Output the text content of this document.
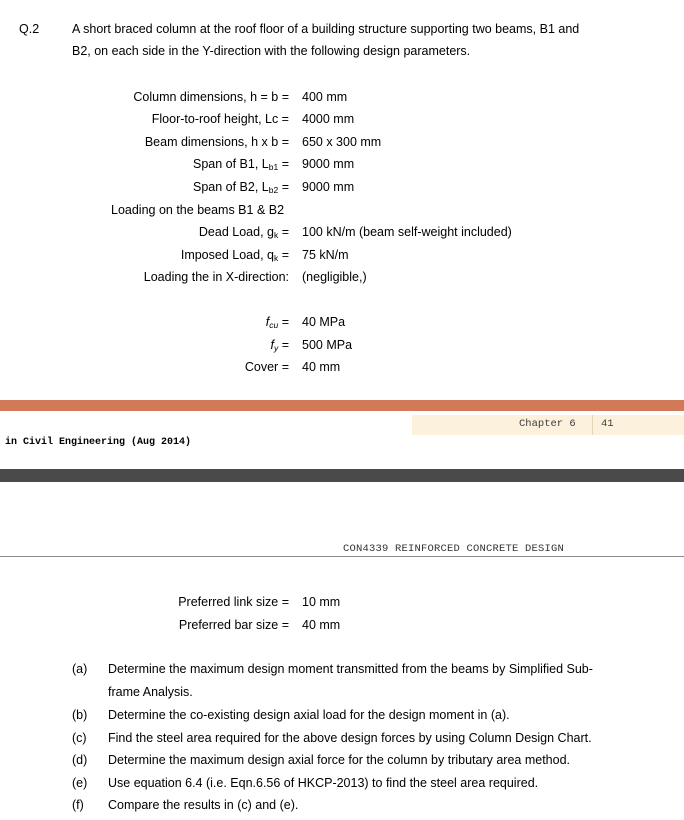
Q.2	A short braced column at the roof floor of a building structure supporting two beams, B1 and
B2, on each side in the Y-direction with the following design parameters.
Column dimensions, h = b = 400 mm
Floor-to-roof height, Lc = 4000 mm
Beam dimensions, h x b = 650 x 300 mm
Span of B1, $L_{b1} = 9000$ mm
Span of B2, $L_{b2} = 9000$ mm
Loading on the beams B1 & B2
Dead Load, $g_k = 100$ kN/m (beam self-weight included)
Imposed Load, $q_k = 75$ kN/m
Loading the in X-direction: (negligible,)
$f_{cu} = 40$ MPa
$f_y = 500$ MPa
Cover = 40 mm
Chapter 6 41
in Civil Engineering (Aug 2014)
CON4339 REINFORCED CONCRETE DESIGN
Preferred link size = 10 mm
Preferred bar size = 40 mm
(a) Determine the maximum design moment transmitted from the beams by Simplified Sub-
frame Analysis.
(b) Determine the co-existing design axial load for the design moment in (a).
(c) Find the steel area required for the above design forces by using Column Design Chart.
(d) Determine the maximum design axial force for the column by tributary area method.
(e) Use equation 6.4 (i.e. Eqn.6.56 of HKCP-2013) to find the steel area required.
(f) Compare the results in (c) and (e).
